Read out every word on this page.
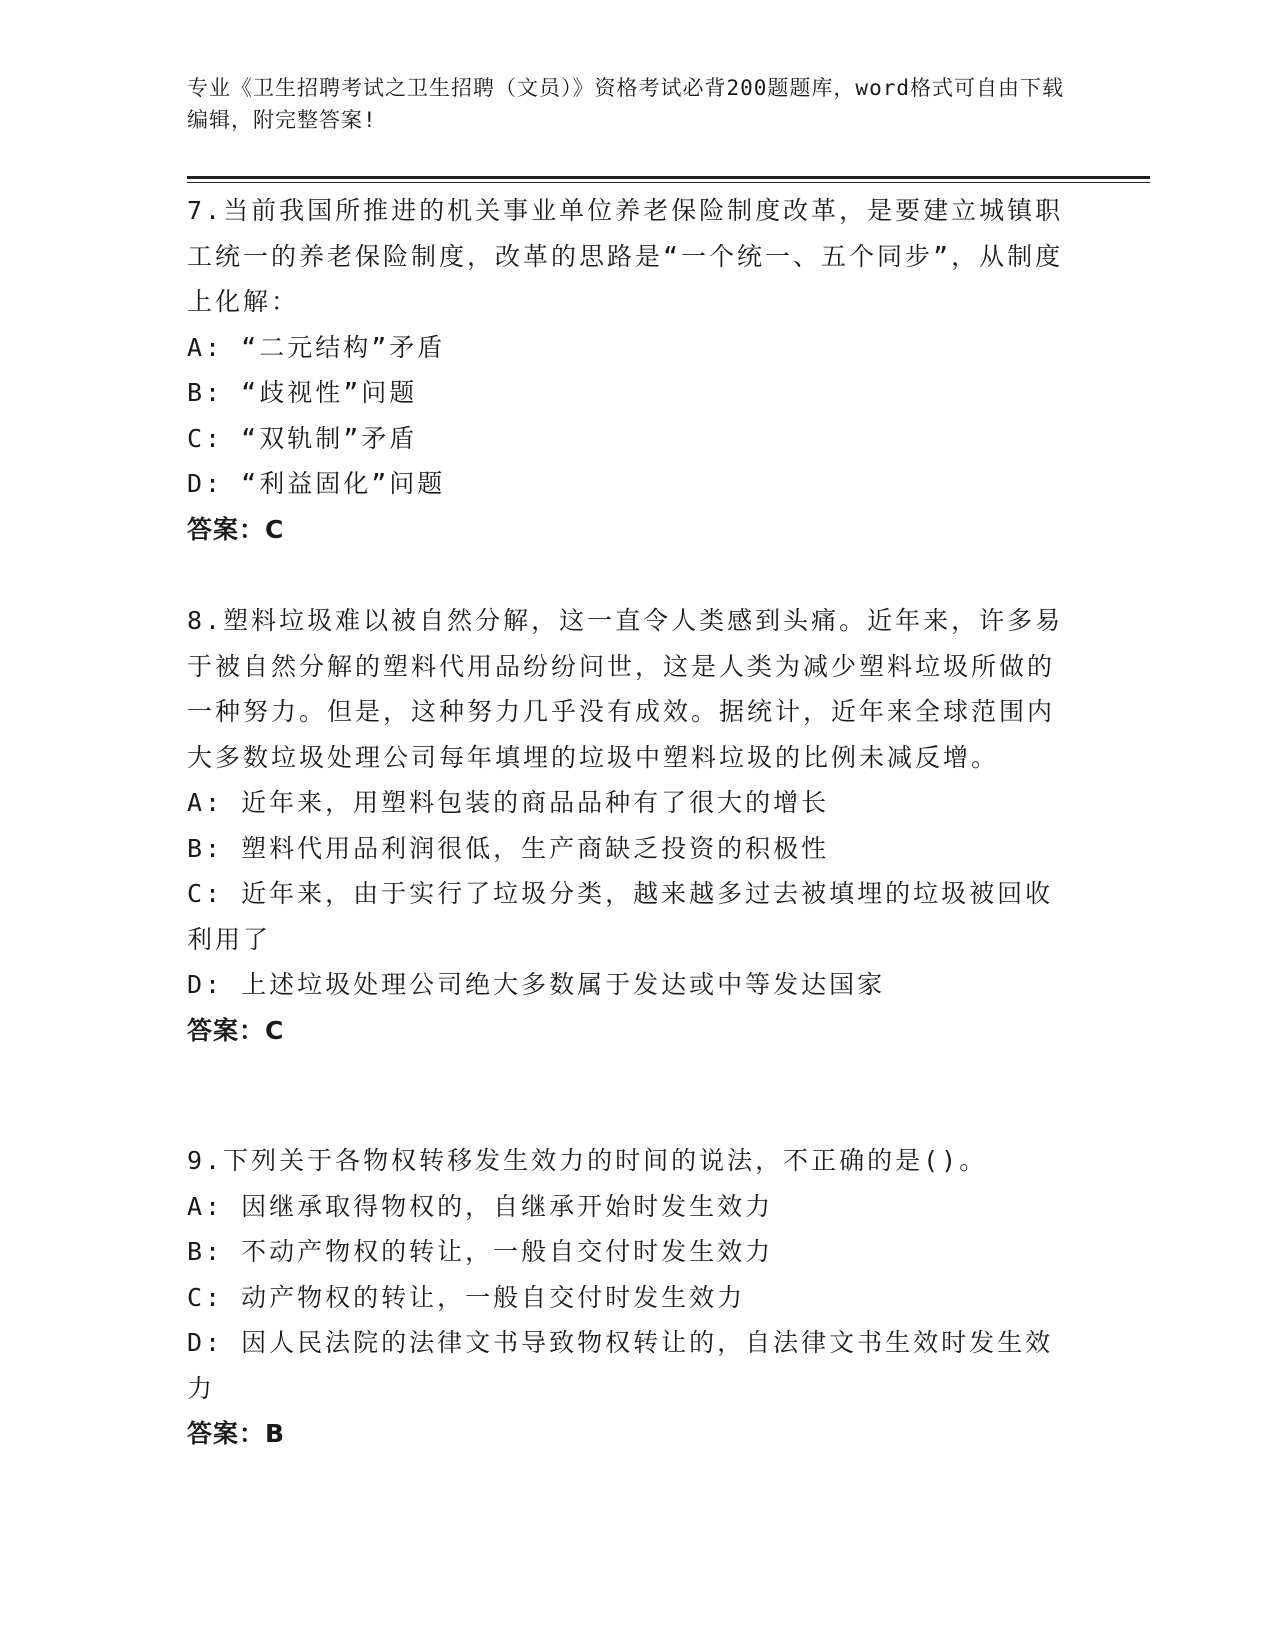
专业《卫生招聘考试之卫生招聘（文员）》资格考试必背200题题库，word格式可自由下载编辑，附完整答案!
7.当前我国所推进的机关事业单位养老保险制度改革，是要建立城镇职工统一的养老保险制度，改革的思路是“一个统一、五个同步”，从制度上化解：
A: “二元结构”矛盾
B: “歧视性”问题
C: “双轨制”矛盾
D: “利益固化”问题
答案：C
8.塑料垃圾难以被自然分解，这一直令人类感到头痛。近年来，许多易于被自然分解的塑料代用品纷纷问世，这是人类为减少塑料垃圾所做的一种努力。但是，这种努力几乎没有成效。据统计，近年来全球范围内大多数垃圾处理公司每年填埋的垃圾中塑料垃圾的比例未减反增。
A: 近年来，用塑料包装的商品品种有了很大的增长
B: 塑料代用品利润很低，生产商缺乏投资的积极性
C: 近年来，由于实行了垃圾分类，越来越多过去被填埋的垃圾被回收利用了
D: 上述垃圾处理公司绝大多数属于发达或中等发达国家
答案：C
9.下列关于各物权转移发生效力的时间的说法，不正确的是()。
A: 因继承取得物权的，自继承开始时发生效力
B: 不动产物权的转让，一般自交付时发生效力
C: 动产物权的转让，一般自交付时发生效力
D: 因人民法院的法律文书导致物权转让的，自法律文书生效时发生效力
答案：B
